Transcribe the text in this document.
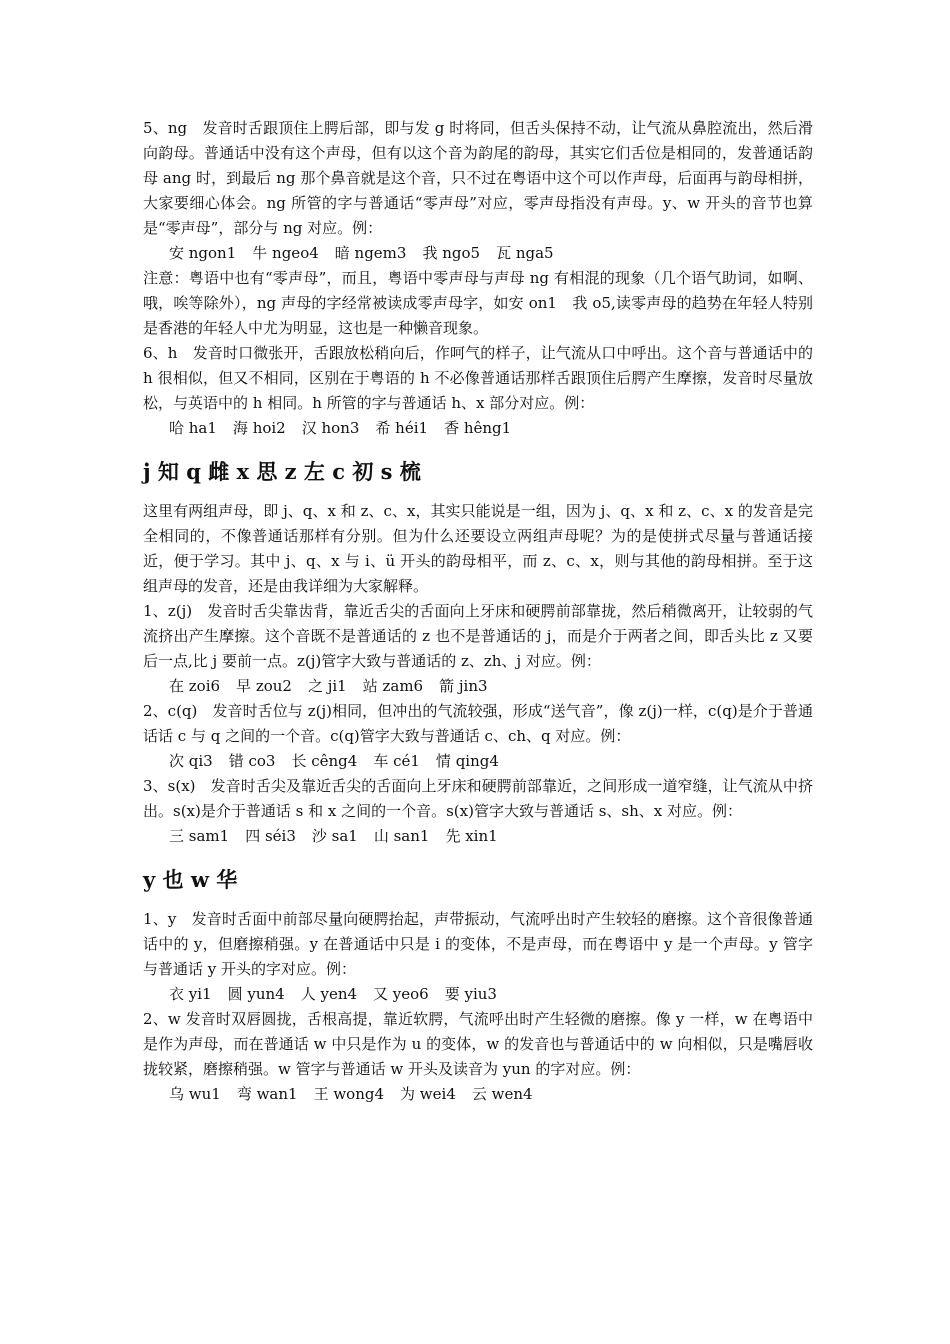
5、ng　发音时舌跟顶住上腭后部，即与发 g 时将同，但舌头保持不动，让气流从鼻腔流出，然后滑向韵母。普通话中没有这个声母，但有以这个音为韵尾的韵母，其实它们舌位是相同的，发普通话韵母 ang 时，到最后 ng 那个鼻音就是这个音，只不过在粤语中这个可以作声母，后面再与韵母相拼，大家要细心体会。ng 所管的字与普通话“零声母”对应，零声母指没有声母。y、w 开头的音节也算是“零声母”，部分与 ng 对应。例：

安 ngon1 牛 ngeo4 暗 ngem3 我 ngo5 瓦 nga5

注意：粤语中也有“零声母”，而且，粤语中零声母与声母 ng 有相混的现象（几个语气助词，如啊、哦，唉等除外），ng 声母的字经常被读成零声母字，如安 on1　我 o5,读零声母的趋势在年轻人特别是香港的年轻人中尤为明显，这也是一种懒音现象。

6、h　发音时口微张开，舌跟放松稍向后，作呵气的样子，让气流从口中呼出。这个音与普通话中的 h 很相似，但又不相同，区别在于粤语的 h 不必像普通话那样舌跟顶住后腭产生摩擦，发音时尽量放松，与英语中的 h 相同。h 所管的字与普通话 h、x 部分对应。例：

哈 ha1 海 hoi2 汉 hon3 希 héi1 香 hêng1

j 知 q 雌 x 思 z 左 c 初 s 梳

这里有两组声母，即 j、q、x 和 z、c、x，其实只能说是一组，因为 j、q、x 和 z、c、x 的发音是完全相同的，不像普通话那样有分别。但为什么还要设立两组声母呢？为的是使拼式尽量与普通话接近，便于学习。其中 j、q、x 与 i、ü 开头的韵母相平，而 z、c、x，则与其他的韵母相拼。至于这组声母的发音，还是由我详细为大家解释。

1、z(j)　发音时舌尖靠齿背，靠近舌尖的舌面向上牙床和硬腭前部靠拢，然后稍微离开，让较弱的气流挤出产生摩擦。这个音既不是普通话的 z 也不是普通话的 j，而是介于两者之间，即舌头比 z 又要后一点,比 j 要前一点。z(j)管字大致与普通话的 z、zh、j 对应。例：

在 zoi6 早 zou2 之 ji1 站 zam6 箭 jin3

2、c(q)　发音时舌位与 z(j)相同，但冲出的气流较强，形成“送气音”，像 z(j)一样，c(q)是介于普通话话 c 与 q 之间的一个音。c(q)管字大致与普通话 c、ch、q 对应。例：

次 qi3 错 co3 长 cêng4 车 cé1 情 qing4

3、s(x)　发音时舌尖及靠近舌尖的舌面向上牙床和硬腭前部靠近，之间形成一道窄缝，让气流从中挤出。s(x)是介于普通话 s 和 x 之间的一个音。s(x)管字大致与普通话 s、sh、x 对应。例：

三 sam1 四 séi3 沙 sa1 山 san1 先 xin1

y 也 w 华

1、y　发音时舌面中前部尽量向硬腭抬起，声带振动，气流呼出时产生较轻的磨擦。这个音很像普通话中的 y，但磨擦稍强。y 在普通话中只是 i 的变体，不是声母，而在粤语中 y 是一个声母。y 管字与普通话 y 开头的字对应。例：

衣 yi1 圆 yun4 人 yen4 又 yeo6 要 yiu3

2、w 发音时双唇圆拢，舌根高提，靠近软腭，气流呼出时产生轻微的磨擦。像 y 一样，w 在粤语中是作为声母，而在普通话 w 中只是作为 u 的变体，w 的发音也与普通话中的 w 向相似，只是嘴唇收拢较紧，磨擦稍强。w 管字与普通话 w 开头及读音为 yun 的字对应。例：

乌 wu1 弯 wan1 王 wong4 为 wei4 云 wen4
